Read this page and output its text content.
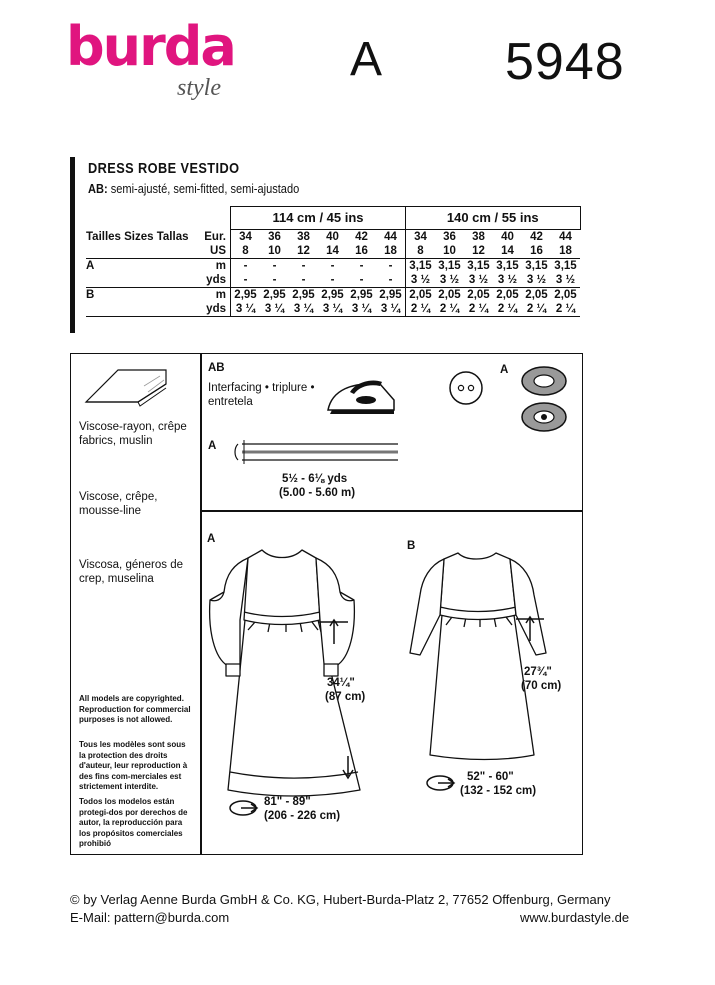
burda
style
A 5948
DRESS ROBE VESTIDO
AB: semi-ajusté, semi-fitted, semi-ajustado
		114 cm / 45 ins						140 cm / 55 ins					
Tailles Sizes Tallas	Eur.	34	36	38	40	42	44	34	36	38	40	42	44
	US	8	10	12	14	16	18	8	10	12	14	16	18
A	m	-	-	-	-	-	-	3,15	3,15	3,15	3,15	3,15	3,15
	yds	-	-	-	-	-	-	3 ½	3 ½	3 ½	3 ½	3 ½	3 ½
B	m	2,95	2,95	2,95	2,95	2,95	2,95	2,05	2,05	2,05	2,05	2,05	2,05
	yds	3 ¼	3 ¼	3 ¼	3 ¼	3 ¼	3 ¼	2 ¼	2 ¼	2 ¼	2 ¼	2 ¼	2 ¼
Viscose-rayon, crêpe fabrics, muslin
Viscose, crêpe, mousse-line
Viscosa, géneros de crep, muselina
All models are copyrighted. Reproduction for commercial purposes is not allowed.
Tous les modèles sont sous la protection des droits d'auteur, leur reproduction à des fins com-merciales est strictement interdite.
Todos los modelos están protegi-dos por derechos de autor, la reproducción para los propósitos comerciales prohibió
AB
Interfacing • triplure • entretela
A
A
5½ - 6⅛ yds
(5.00 - 5.60 m)
A
34¼"
(87 cm)
81" - 89"
(206 - 226 cm)
B
27¾"
(70 cm)
52" - 60"
(132 - 152 cm)
© by Verlag Aenne Burda GmbH & Co. KG, Hubert-Burda-Platz 2, 77652 Offenburg, Germany
E-Mail: pattern@burda.com	www.burdastyle.de
